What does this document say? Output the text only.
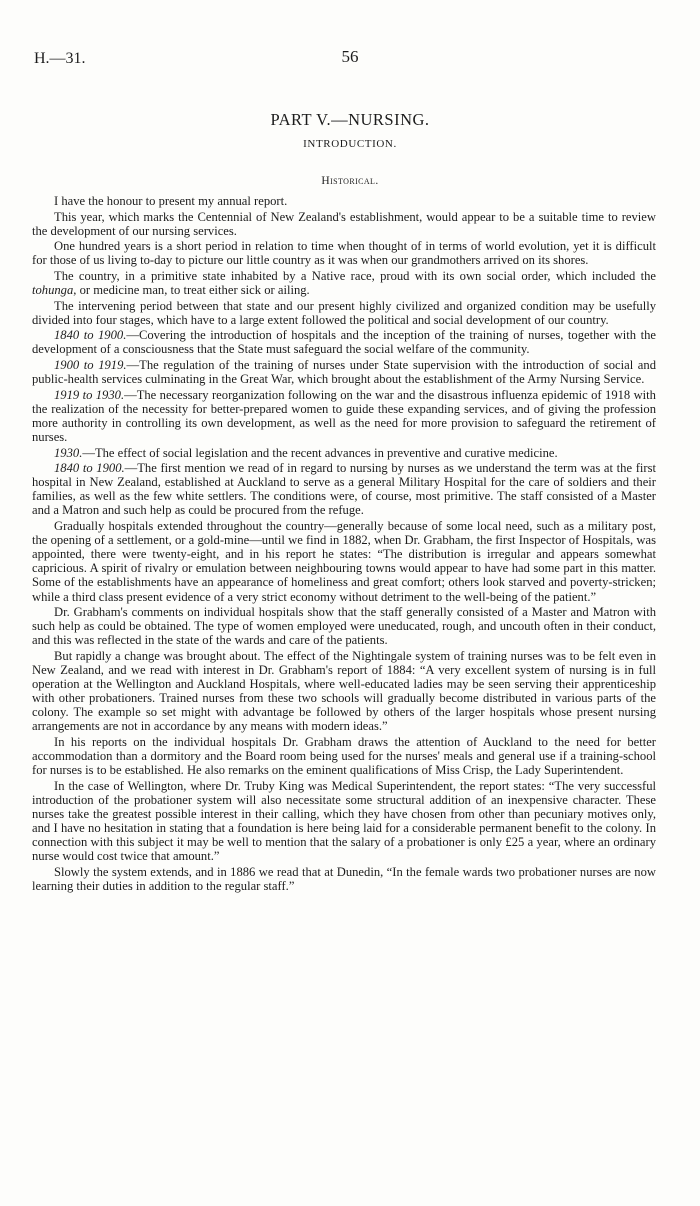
H.—31.	56
PART V.—NURSING.
INTRODUCTION.
Historical.

I have the honour to present my annual report.

This year, which marks the Centennial of New Zealand's establishment, would appear to be a suitable time to review the development of our nursing services.

One hundred years is a short period in relation to time when thought of in terms of world evolution, yet it is difficult for those of us living to-day to picture our little country as it was when our grandmothers arrived on its shores.

The country, in a primitive state inhabited by a Native race, proud with its own social order, which included the tohunga, or medicine man, to treat either sick or ailing.

The intervening period between that state and our present highly civilized and organized condition may be usefully divided into four stages, which have to a large extent followed the political and social development of our country.

1840 to 1900.—Covering the introduction of hospitals and the inception of the training of nurses, together with the development of a consciousness that the State must safeguard the social welfare of the community.

1900 to 1919.—The regulation of the training of nurses under State supervision with the introduction of social and public-health services culminating in the Great War, which brought about the establishment of the Army Nursing Service.

1919 to 1930.—The necessary reorganization following on the war and the disastrous influenza epidemic of 1918 with the realization of the necessity for better-prepared women to guide these expanding services, and of giving the profession more authority in controlling its own development, as well as the need for more provision to safeguard the retirement of nurses.

1930.—The effect of social legislation and the recent advances in preventive and curative medicine.

1840 to 1900.—The first mention we read of in regard to nursing by nurses as we understand the term was at the first hospital in New Zealand, established at Auckland to serve as a general Military Hospital for the care of soldiers and their families, as well as the few white settlers. The conditions were, of course, most primitive. The staff consisted of a Master and a Matron and such help as could be procured from the refuge.

Gradually hospitals extended throughout the country—generally because of some local need, such as a military post, the opening of a settlement, or a gold-mine—until we find in 1882, when Dr. Grabham, the first Inspector of Hospitals, was appointed, there were twenty-eight, and in his report he states: “The distribution is irregular and appears somewhat capricious. A spirit of rivalry or emulation between neighbouring towns would appear to have had some part in this matter. Some of the establishments have an appearance of homeliness and great comfort; others look starved and poverty-stricken; while a third class present evidence of a very strict economy without detriment to the well-being of the patient.”

Dr. Grabham's comments on individual hospitals show that the staff generally consisted of a Master and Matron with such help as could be obtained. The type of women employed were uneducated, rough, and uncouth often in their conduct, and this was reflected in the state of the wards and care of the patients.

But rapidly a change was brought about. The effect of the Nightingale system of training nurses was to be felt even in New Zealand, and we read with interest in Dr. Grabham's report of 1884: “A very excellent system of nursing is in full operation at the Wellington and Auckland Hospitals, where well-educated ladies may be seen serving their apprenticeship with other probationers. Trained nurses from these two schools will gradually become distributed in various parts of the colony. The example so set might with advantage be followed by others of the larger hospitals whose present nursing arrangements are not in accordance by any means with modern ideas.”

In his reports on the individual hospitals Dr. Grabham draws the attention of Auckland to the need for better accommodation than a dormitory and the Board room being used for the nurses' meals and general use if a training-school for nurses is to be established. He also remarks on the eminent qualifications of Miss Crisp, the Lady Superintendent.

In the case of Wellington, where Dr. Truby King was Medical Superintendent, the report states: “The very successful introduction of the probationer system will also necessitate some structural addition of an inexpensive character. These nurses take the greatest possible interest in their calling, which they have chosen from other than pecuniary motives only, and I have no hesitation in stating that a foundation is here being laid for a considerable permanent benefit to the colony. In connection with this subject it may be well to mention that the salary of a probationer is only £25 a year, where an ordinary nurse would cost twice that amount.”

Slowly the system extends, and in 1886 we read that at Dunedin, “In the female wards two probationer nurses are now learning their duties in addition to the regular staff.”
